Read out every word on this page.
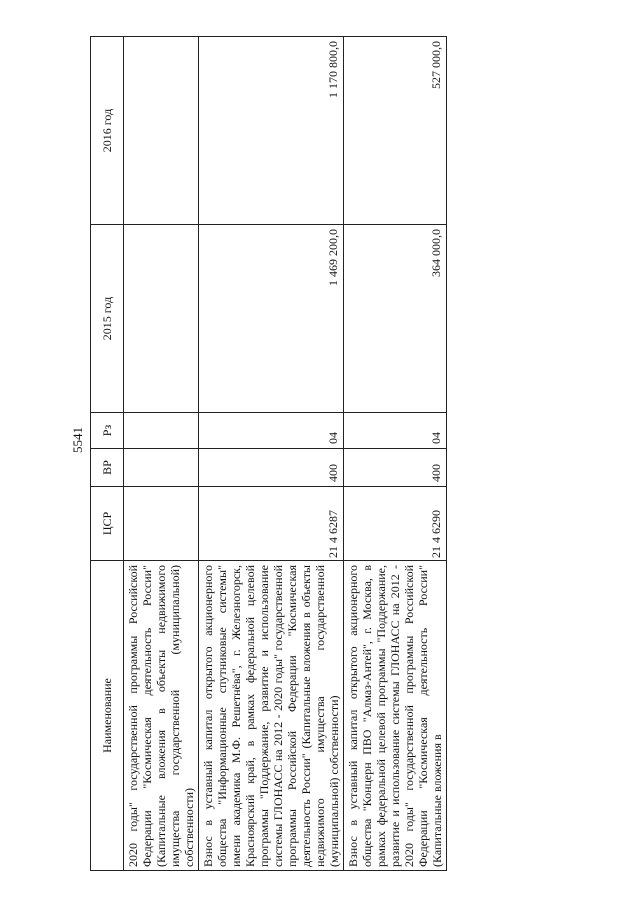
5541
Наименование	ЦСР	ВР	Рз	2015 год	2016 год
2020 годы" государственной программы Российской Федерации "Космическая деятельность России" (Капитальные вложения в объекты недвижимого имущества государственной (муниципальной) собственности)					
Взнос в уставный капитал открытого акционерного общества "Информационные спутниковые системы" имени академика М.Ф. Решетнёва", г. Железногорск, Красноярский край, в рамках федеральной целевой программы "Поддержание, развитие и использование системы ГЛОНАСС на 2012 - 2020 годы" государственной программы Российской Федерации "Космическая деятельность России" (Капитальные вложения в объекты недвижимого имущества государственной (муниципальной) собственности)	21 4 6287	400	04	1 469 200,0	1 170 800,0
Взнос в уставный капитал открытого акционерного общества "Концерн ПВО "Алмаз-Антей", г. Москва, в рамках федеральной целевой программы "Поддержание, развитие и использование системы ГЛОНАСС на 2012 - 2020 годы" государственной программы Российской Федерации "Космическая деятельность России" (Капитальные вложения в	21 4 6290	400	04	364 000,0	527 000,0
